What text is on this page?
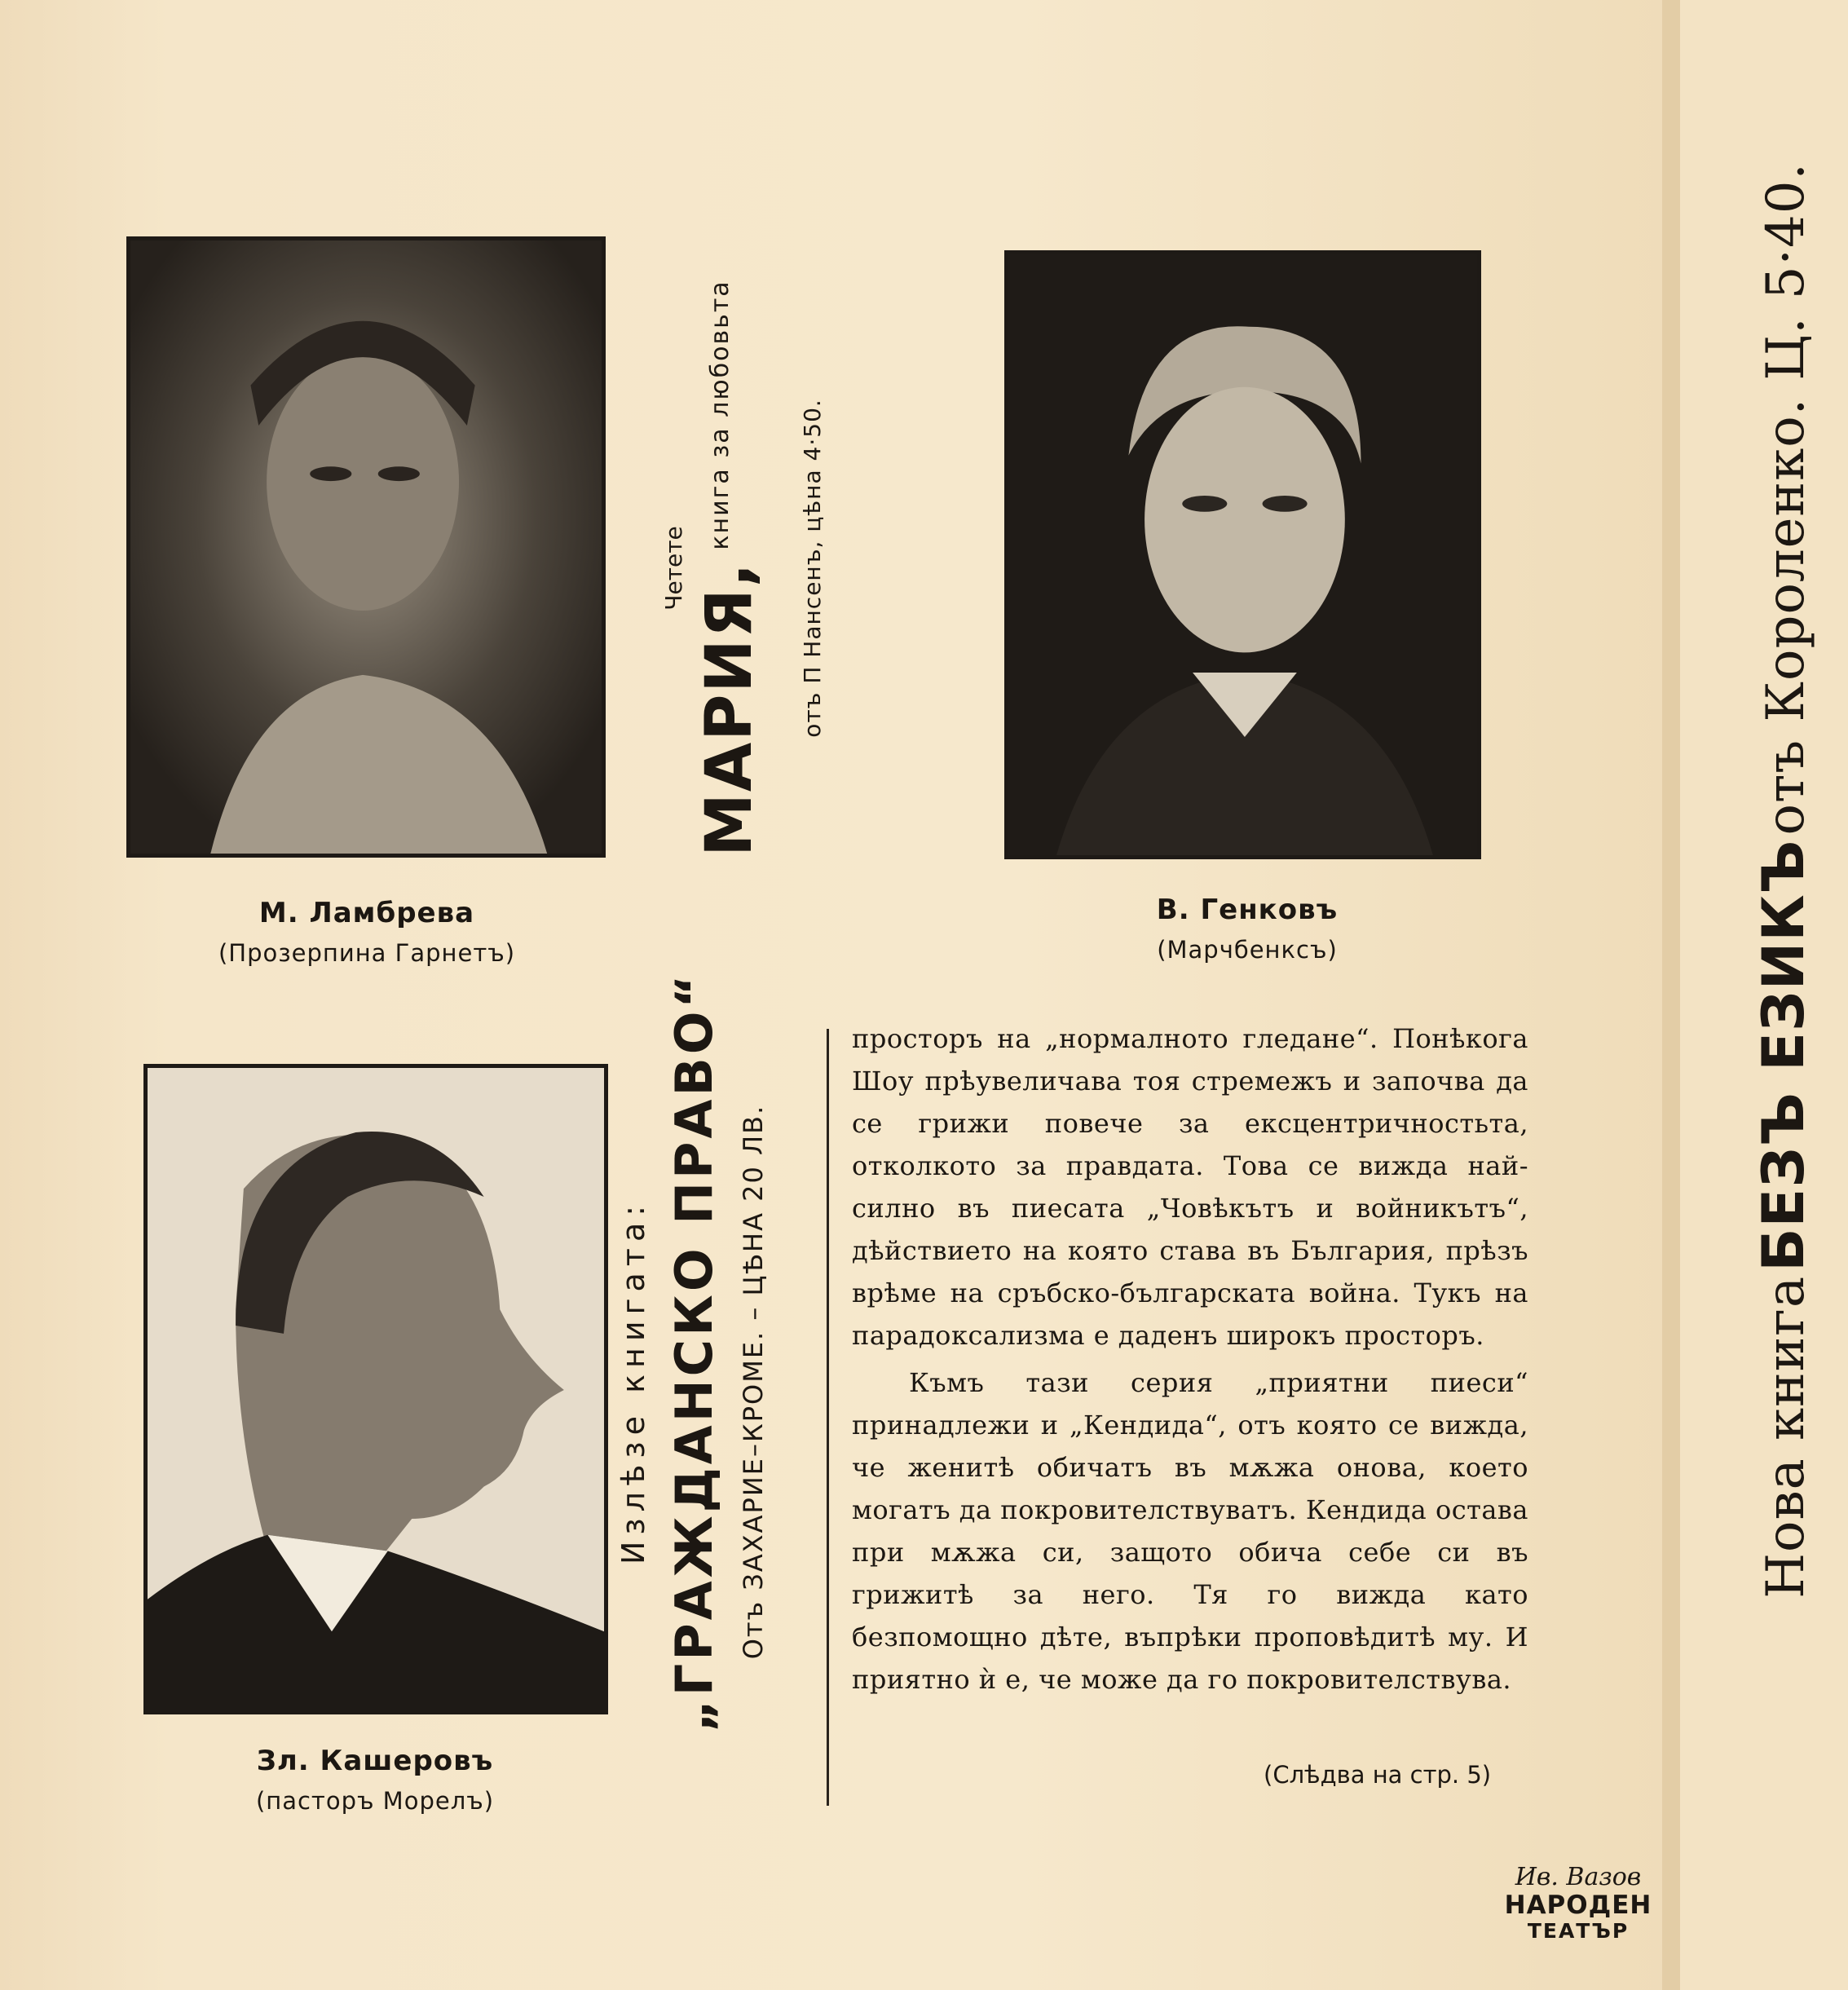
М. Ламбрева
(Прозерпина Гарнетъ)
В. Генковъ
(Марчбенксъ)
Зл. Кашеровъ
(пасторъ Морелъ)
Четете МАРИЯ,книга за любовьта	отъ П Нансенъ, цѣна 4·50.
Излѣзе книгата: „ГРАЖДАНСКО ПРАВО“ Отъ ЗАХАРИЕ–КРОМЕ. – ЦѢНА 20 ЛВ.	Нова книга БЕЗЪ ЕЗИКЪ отъ Короленко. Ц. 5·40.
просторъ на „нормалното гледане“. Понѣкога Шоу прѣувеличава тоя стремежъ и започва да се грижи повече за ексцентричностьта, отколкото за правдата. Това се вижда най-силно въ пиесата „Човѣкътъ и войникътъ“, дѣйствието на която става въ България, прѣзъ врѣме на сръбско-българската война. Тукъ на парадоксализма е даденъ широкъ просторъ.
Къмъ тази серия „приятни пиеси“ принадлежи и „Кендида“, отъ която се вижда, че женитѣ обичатъ въ мѫжа онова, което могатъ да покровителствуватъ. Кендида остава при мѫжа си, защото обича себе си въ грижитѣ за него. Тя го вижда като безпомощно дѣте, въпрѣки проповѣдитѣ му. И приятно ѝ е, че може да го покровителствува.
(Слѣдва на стр. 5)
Ив. Вазов
НАРОДЕН
ТЕАТЪР
